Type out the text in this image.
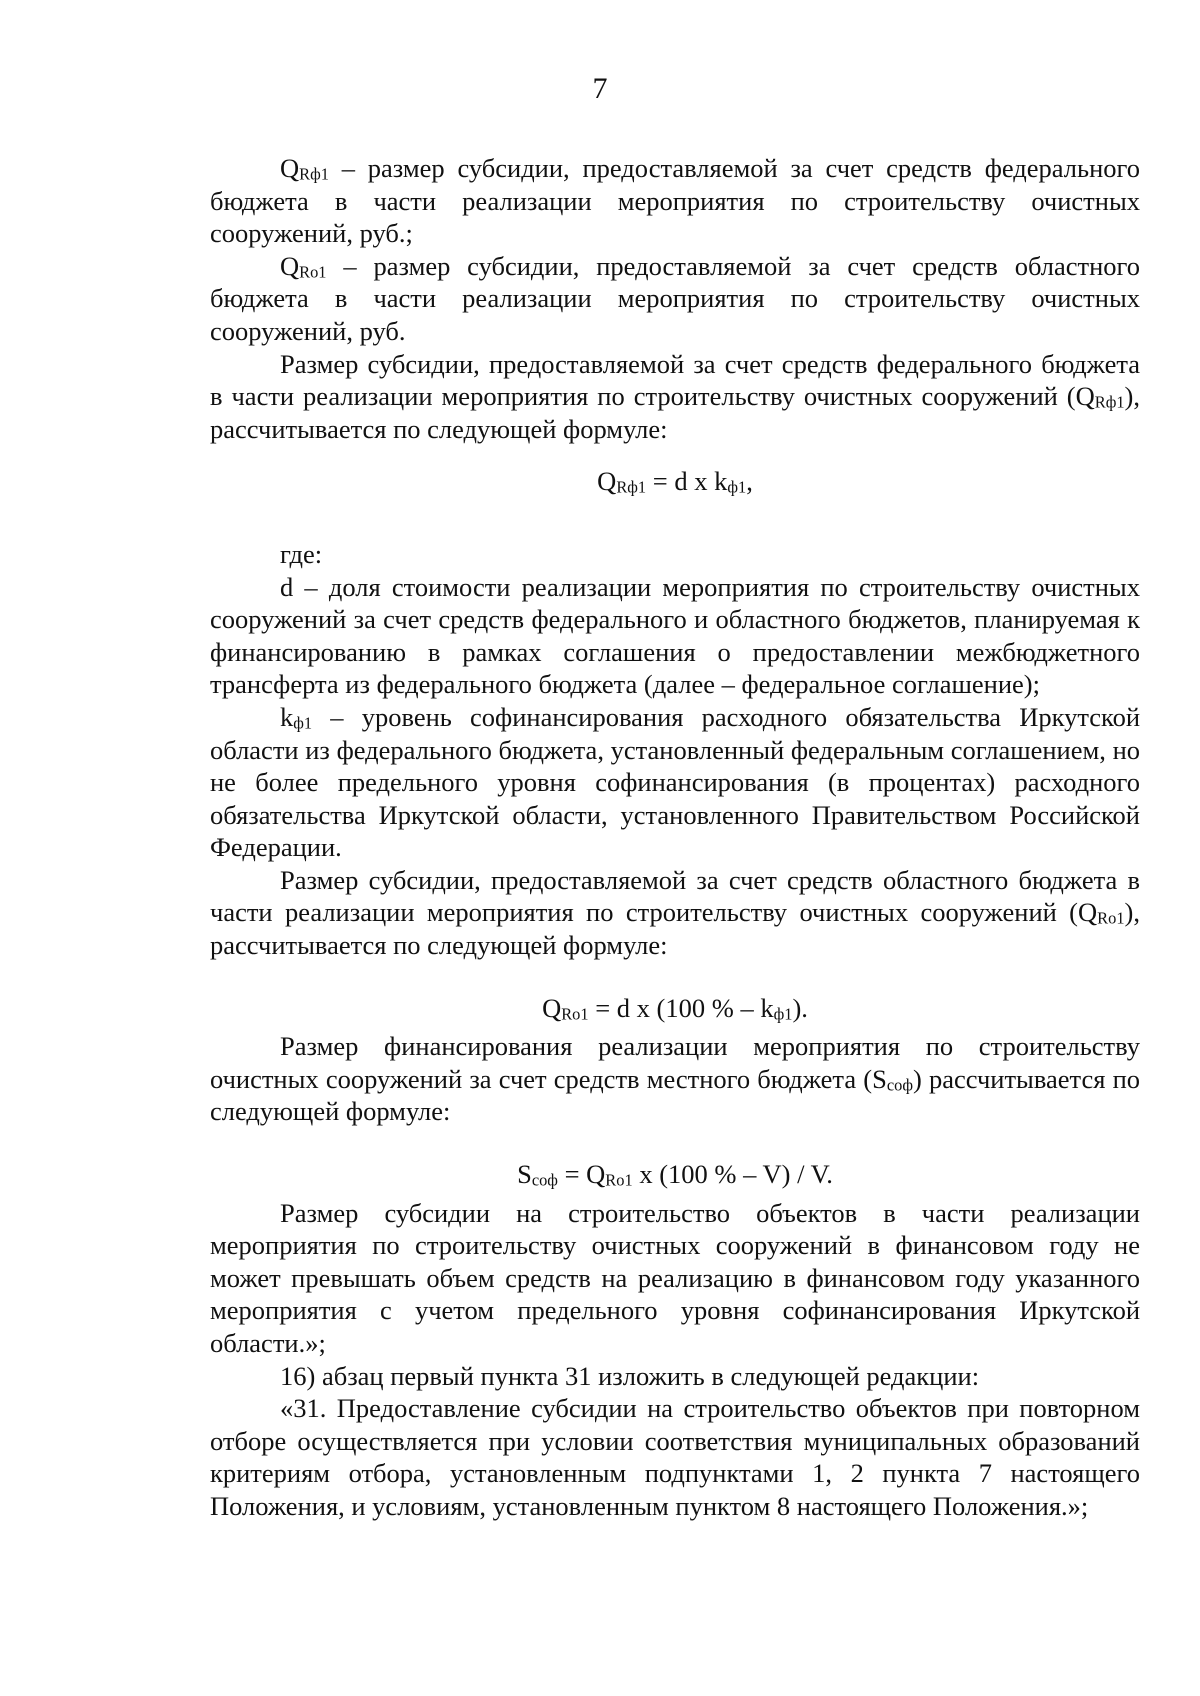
7

$Q_{Rф1}$ – размер субсидии, предоставляемой за счет средств федерального бюджета в части реализации мероприятия по строительству очистных сооружений, руб.;

$Q_{Ro1}$ – размер субсидии, предоставляемой за счет средств областного бюджета в части реализации мероприятия по строительству очистных сооружений, руб.

Размер субсидии, предоставляемой за счет средств федерального бюджета в части реализации мероприятия по строительству очистных сооружений $(Q_{Rф1})$, рассчитывается по следующей формуле:

$Q_{Rф1} = d$ x $k_{ф1}$,

где:

d – доля стоимости реализации мероприятия по строительству очистных сооружений за счет средств федерального и областного бюджетов, планируемая к финансированию в рамках соглашения о предоставлении межбюджетного трансферта из федерального бюджета (далее – федеральное соглашение);

$k_{ф1}$ – уровень софинансирования расходного обязательства Иркутской области из федерального бюджета, установленный федеральным соглашением, но не более предельного уровня софинансирования (в процентах) расходного обязательства Иркутской области, установленного Правительством Российской Федерации.

Размер субсидии, предоставляемой за счет средств областного бюджета в части реализации мероприятия по строительству очистных сооружений $(Q_{Ro1})$, рассчитывается по следующей формуле:

$Q_{Ro1} = d$ x (100 % – $k_{ф1}$).

Размер финансирования реализации мероприятия по строительству очистных сооружений за счет средств местного бюджета $(S_{соф})$ рассчитывается по следующей формуле:

$S_{соф} = Q_{Ro1}$ x (100 % – V) / V.

Размер субсидии на строительство объектов в части реализации мероприятия по строительству очистных сооружений в финансовом году не может превышать объем средств на реализацию в финансовом году указанного мероприятия с учетом предельного уровня софинансирования Иркутской области.»;

16) абзац первый пункта 31 изложить в следующей редакции:

«31. Предоставление субсидии на строительство объектов при повторном отборе осуществляется при условии соответствия муниципальных образований критериям отбора, установленным подпунктами 1, 2 пункта 7 настоящего Положения, и условиям, установленным пунктом 8 настоящего Положения.»;
